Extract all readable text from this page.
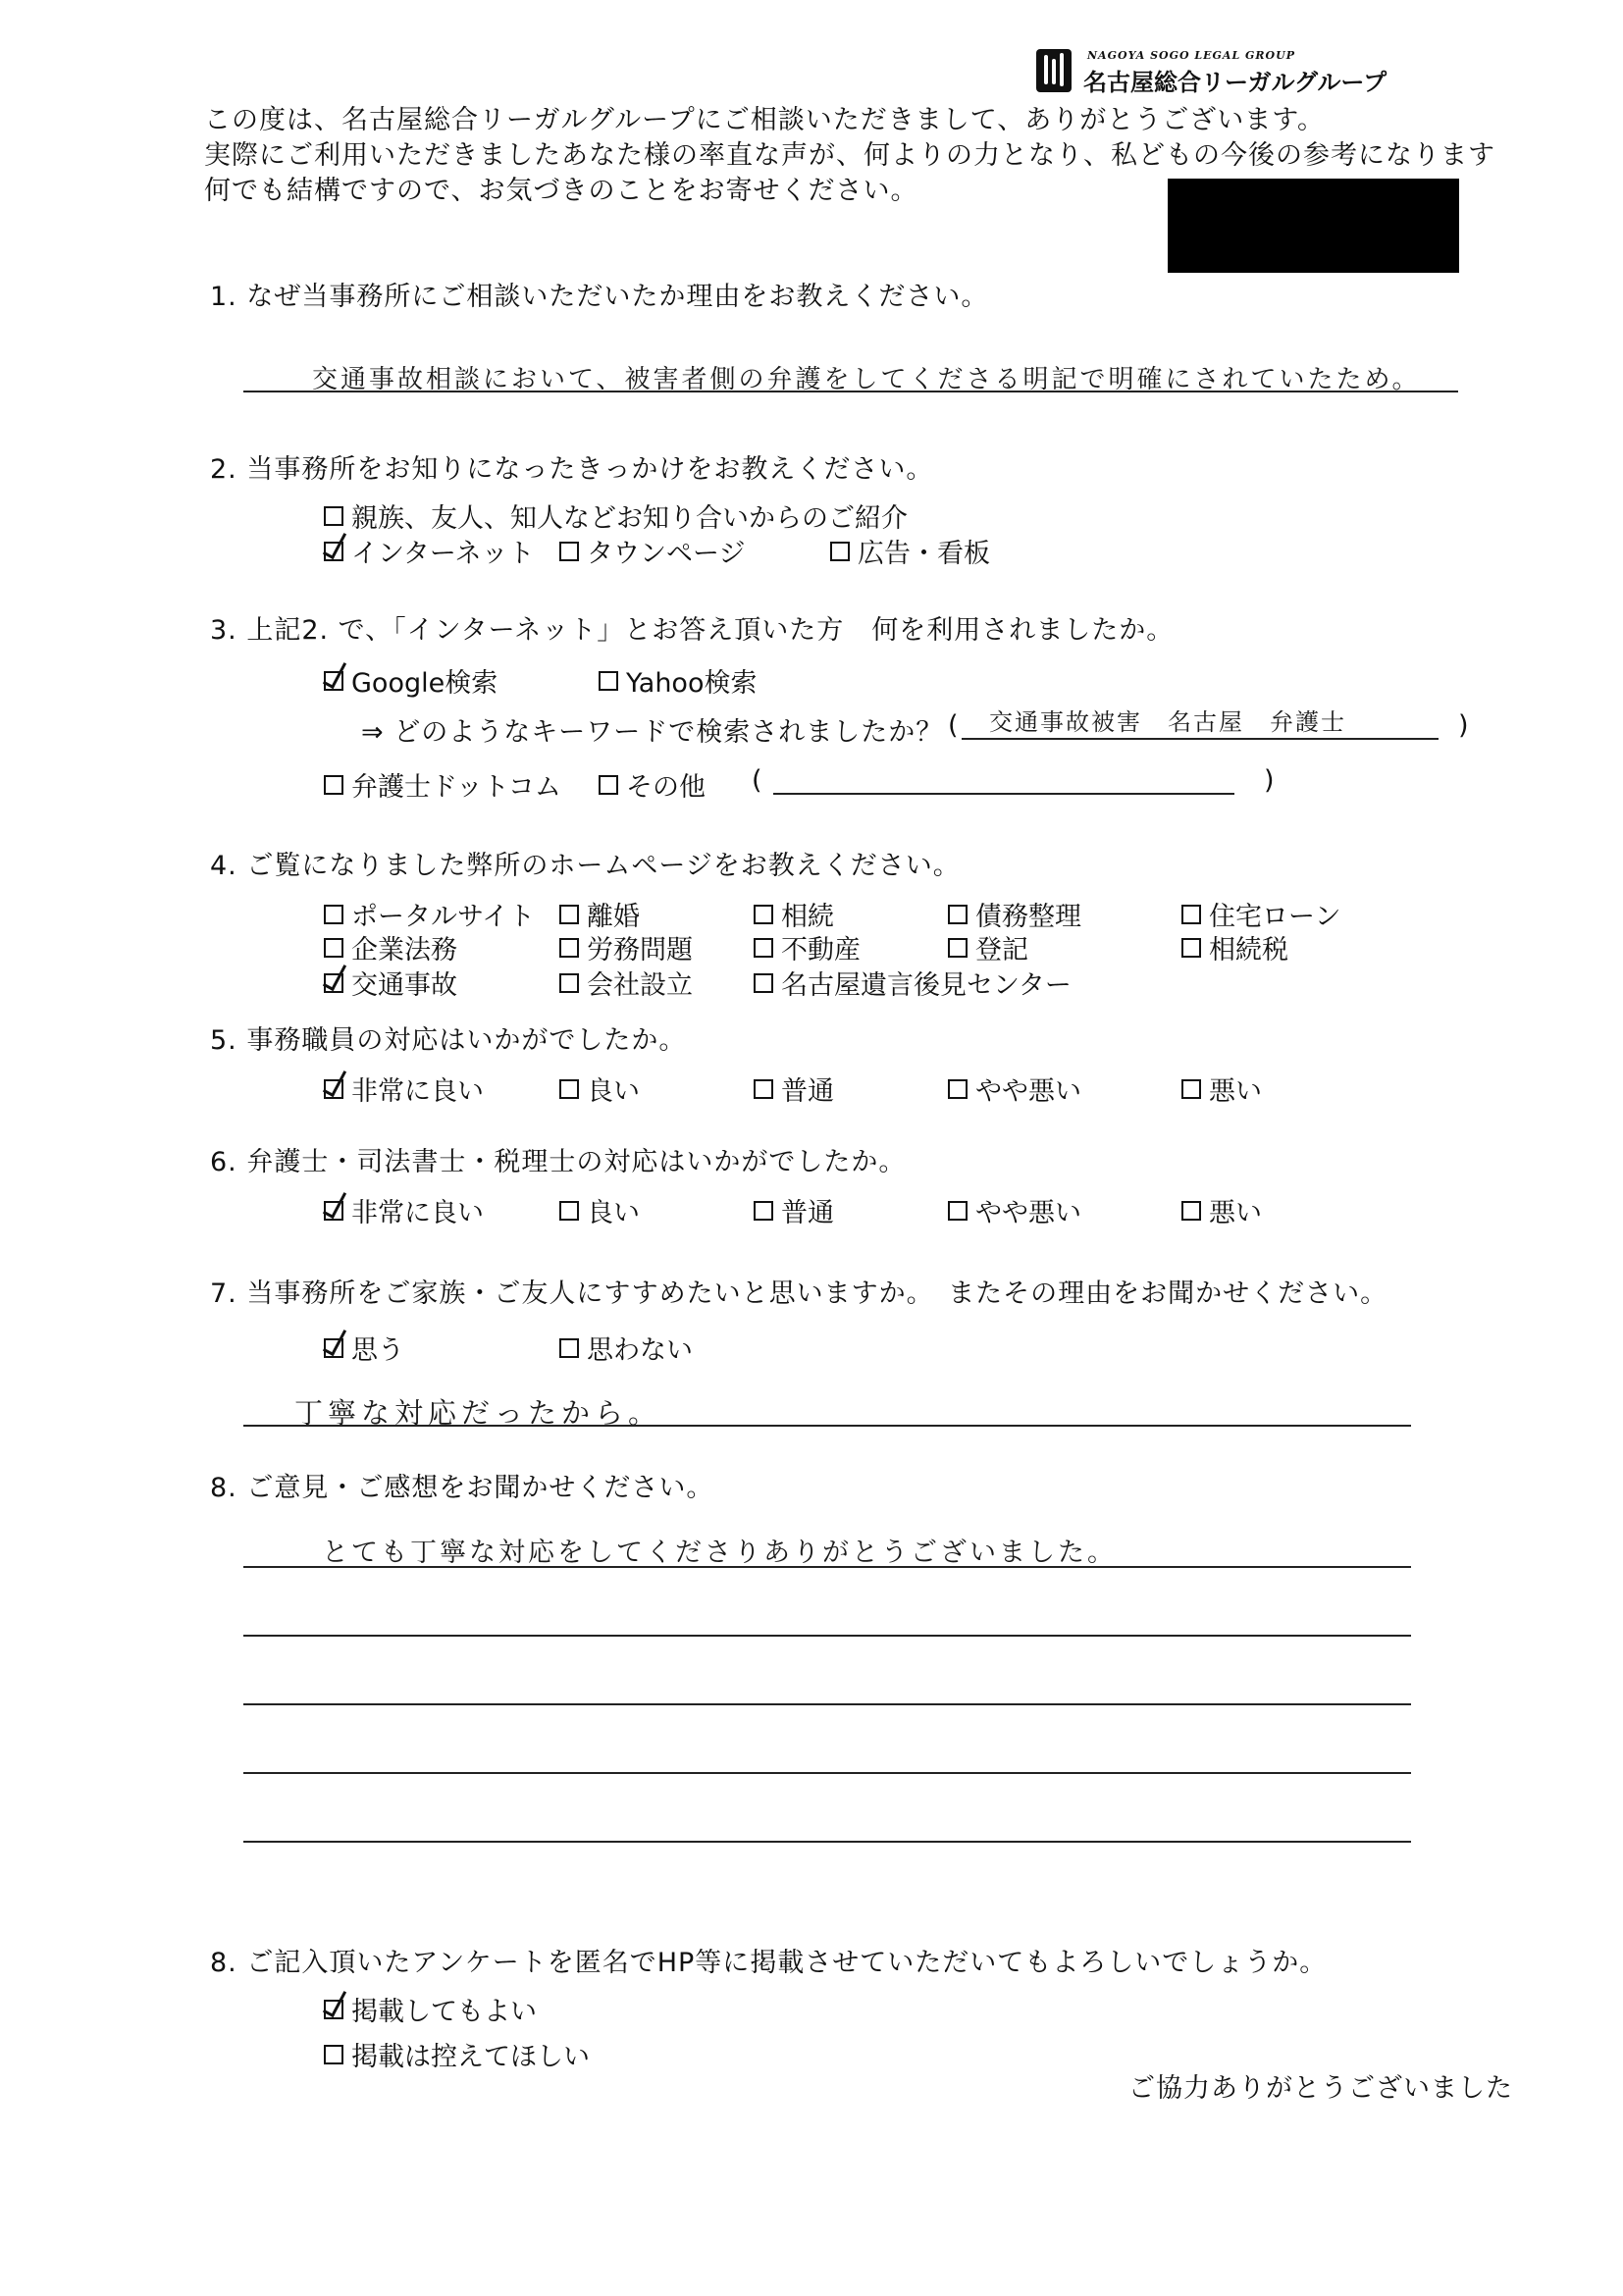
NAGOYA SOGO LEGAL GROUP
名古屋総合リーガルグループ
この度は、名古屋総合リーガルグループにご相談いただきまして、ありがとうございます。
実際にご利用いただきましたあなた様の率直な声が、何よりの力となり、私どもの今後の参考になります
何でも結構ですので、お気づきのことをお寄せください。
1. なぜ当事務所にご相談いただいたか理由をお教えください。
交通事故相談において、被害者側の弁護をしてくださる明記で明確にされていたため。
2. 当事務所をお知りになったきっかけをお教えください。
親族、友人、知人などお知り合いからのご紹介
インターネット タウンページ	広告・看板
3. 上記2. で、「インターネット」とお答え頂いた方　何を利用されましたか。
Google検索	Yahoo検索
⇒ どのようなキーワードで検索されましたか？ ( 交通事故被害　名古屋　弁護士	)
弁護士ドットコム その他 (	)
4. ご覧になりました弊所のホームページをお教えください。
ポータルサイト 離婚	相続	債務整理	住宅ローン
企業法務	労務問題	不動産	登記	相続税
交通事故	会社設立	名古屋遺言後見センター
5. 事務職員の対応はいかがでしたか。
非常に良い	良い	普通	やや悪い	悪い
6. 弁護士・司法書士・税理士の対応はいかがでしたか。
非常に良い	良い	普通	やや悪い	悪い
7. 当事務所をご家族・ご友人にすすめたいと思いますか。　またその理由をお聞かせください。
思う	思わない
丁寧な対応だったから。
8. ご意見・ご感想をお聞かせください。
とても丁寧な対応をしてくださりありがとうございました。
8. ご記入頂いたアンケートを匿名でHP等に掲載させていただいてもよろしいでしょうか。
掲載してもよい
掲載は控えてほしい
ご協力ありがとうございました
